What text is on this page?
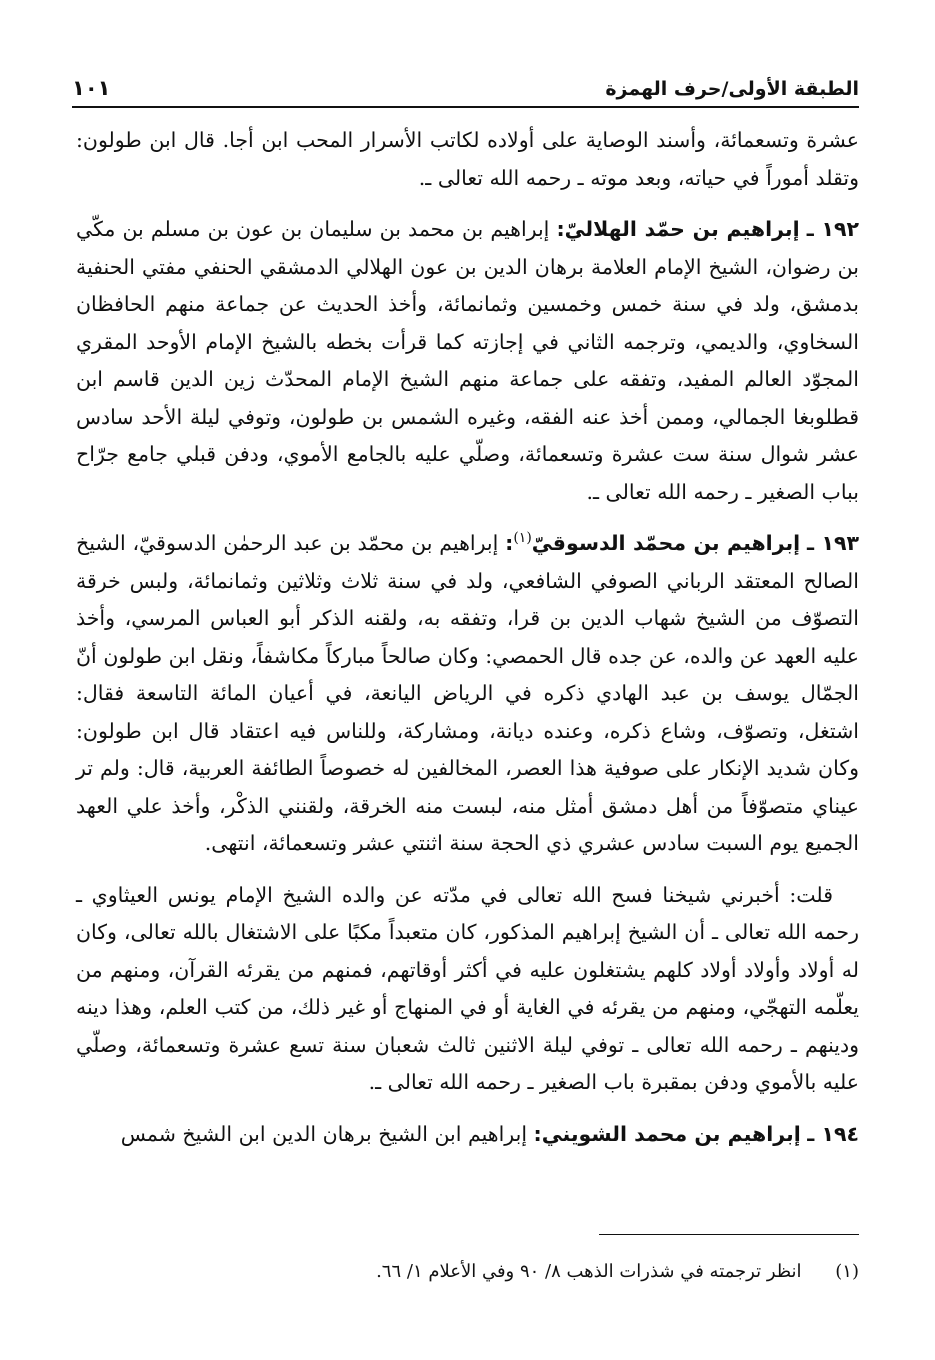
الطبقة الأولى/حرف الهمزة
١٠١

عشرة وتسعمائة، وأسند الوصاية على أولاده لكاتب الأسرار المحب ابن أجا. قال ابن طولون: وتقلد أموراً في حياته، وبعد موته ـ رحمه الله تعالى ـ.

١٩٢ ـ إبراهيم بن حمّد الهلاليّ: إبراهيم بن محمد بن سليمان بن عون بن مسلم بن مكّي بن رضوان، الشيخ الإمام العلامة برهان الدين بن عون الهلالي الدمشقي الحنفي مفتي الحنفية بدمشق، ولد في سنة خمس وخمسين وثمانمائة، وأخذ الحديث عن جماعة منهم الحافظان السخاوي، والديمي، وترجمه الثاني في إجازته كما قرأت بخطه بالشيخ الإمام الأوحد المقري المجوّد العالم المفيد، وتفقه على جماعة منهم الشيخ الإمام المحدّث زين الدين قاسم ابن قطلوبغا الجمالي، وممن أخذ عنه الفقه، وغيره الشمس بن طولون، وتوفي ليلة الأحد سادس عشر شوال سنة ست عشرة وتسعمائة، وصلّي عليه بالجامع الأموي، ودفن قبلي جامع جرّاح بباب الصغير ـ رحمه الله تعالى ـ.

١٩٣ ـ إبراهيم بن محمّد الدسوقيّ$^{(١)}$: إبراهيم بن محمّد بن عبد الرحمٰن الدسوقيّ، الشيخ الصالح المعتقد الرباني الصوفي الشافعي، ولد في سنة ثلاث وثلاثين وثمانمائة، ولبس خرقة التصوّف من الشيخ شهاب الدين بن قرا، وتفقه به، ولقنه الذكر أبو العباس المرسي، وأخذ عليه العهد عن والده، عن جده قال الحمصي: وكان صالحاً مباركاً مكاشفاً، ونقل ابن طولون أنّ الجمّال يوسف بن عبد الهادي ذكره في الرياض اليانعة، في أعيان المائة التاسعة فقال: اشتغل، وتصوّف، وشاع ذكره، وعنده ديانة، ومشاركة، وللناس فيه اعتقاد قال ابن طولون: وكان شديد الإنكار على صوفية هذا العصر، المخالفين له خصوصاً الطائفة العربية، قال: ولم تر عيناي متصوّفاً من أهل دمشق أمثل منه، لبست منه الخرقة، ولقنني الذكْر، وأخذ علي العهد الجميع يوم السبت سادس عشري ذي الحجة سنة اثنتي عشر وتسعمائة، انتهى.

قلت: أخبرني شيخنا فسح الله تعالى في مدّته عن والده الشيخ الإمام يونس العيثاوي ـ رحمه الله تعالى ـ أن الشيخ إبراهيم المذكور، كان متعبداً مكبًا على الاشتغال بالله تعالى، وكان له أولاد وأولاد أولاد كلهم يشتغلون عليه في أكثر أوقاتهم، فمنهم من يقرئه القرآن، ومنهم من يعلّمه التهجّي، ومنهم من يقرئه في الغاية أو في المنهاج أو غير ذلك، من كتب العلم، وهذا دينه ودينهم ـ رحمه الله تعالى ـ توفي ليلة الاثنين ثالث شعبان سنة تسع عشرة وتسعمائة، وصلّي عليه بالأموي ودفن بمقبرة باب الصغير ـ رحمه الله تعالى ـ.

١٩٤ ـ إبراهيم بن محمد الشويني: إبراهيم ابن الشيخ برهان الدين ابن الشيخ شمس

(١) انظر ترجمته في شذرات الذهب ٨/ ٩٠ وفي الأعلام ١/ ٦٦.
